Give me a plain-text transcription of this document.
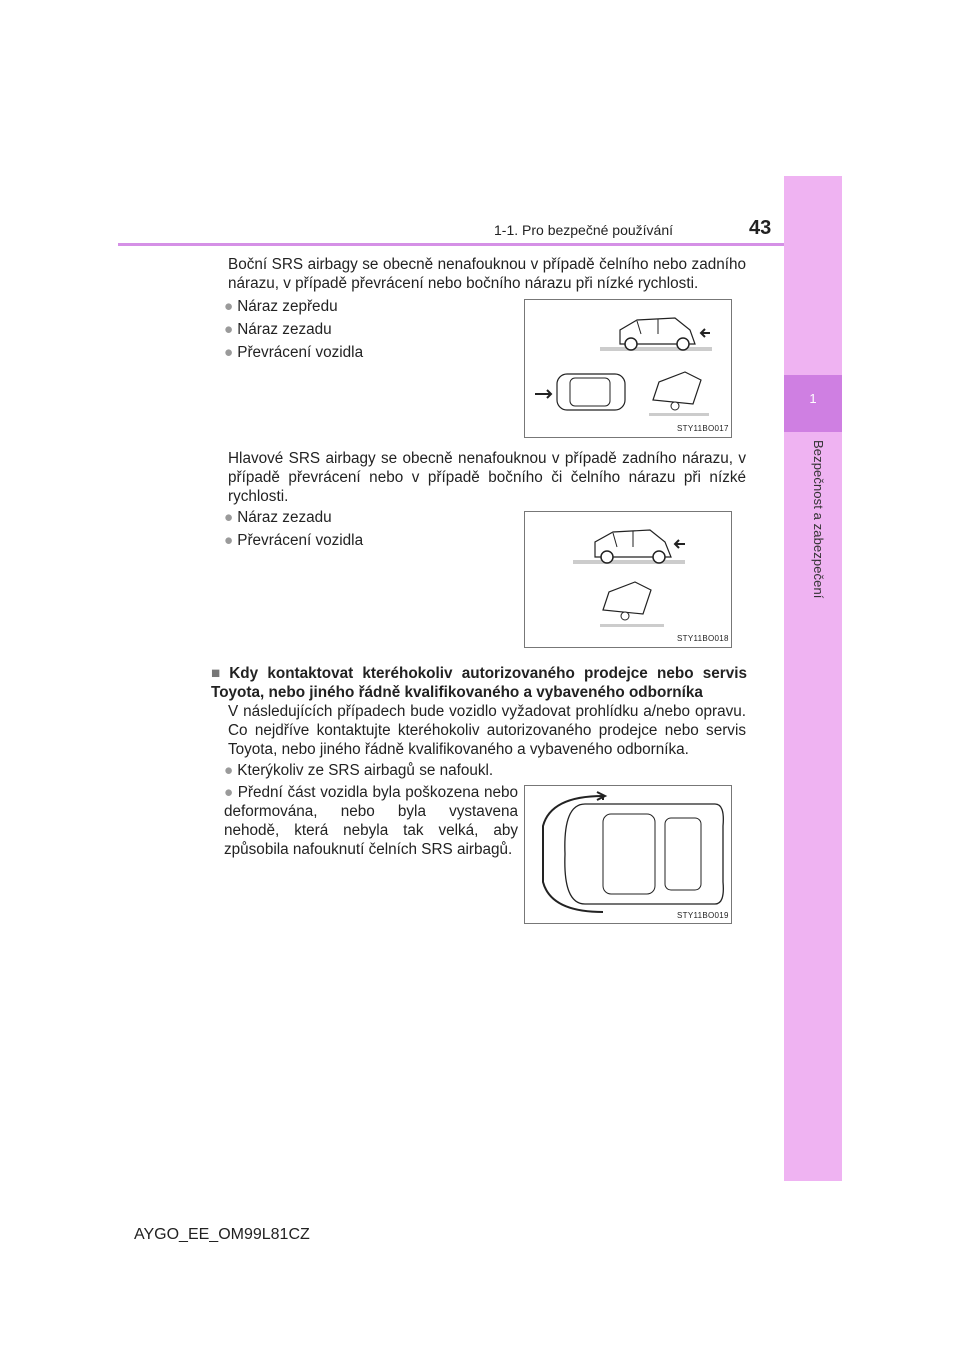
1
Bezpečnost a zabezpečení
1-1. Pro bezpečné používání	43

Boční SRS airbagy se obecně nenafouknou v případě čelního nebo zadního nárazu, v případě převrácení nebo bočního nárazu při nízké rychlosti.

● Náraz zepředu
● Náraz zezadu
● Převrácení vozidla
STY11BO017

Hlavové SRS airbagy se obecně nenafouknou v případě zadního nárazu, v případě převrácení nebo v případě bočního či čelního nárazu při nízké rychlosti.

● Náraz zezadu
● Převrácení vozidla
STY11BO018
■ Kdy kontaktovat kteréhokoliv autorizovaného prodejce nebo servis Toyota, nebo jiného řádně kvalifikovaného a vybaveného odborníka

V následujících případech bude vozidlo vyžadovat prohlídku a/nebo opravu. Co nejdříve kontaktujte kteréhokoliv autorizovaného prodejce nebo servis Toyota, nebo jiného řádně kvalifikovaného a vybaveného odborníka.

● Kterýkoliv ze SRS airbagů se nafoukl.
● Přední část vozidla byla poškozena nebo deformována, nebo byla vystavena nehodě, která nebyla tak velká, aby způsobila nafouknutí čelních SRS airbagů.
STY11BO019
AYGO_EE_OM99L81CZ
